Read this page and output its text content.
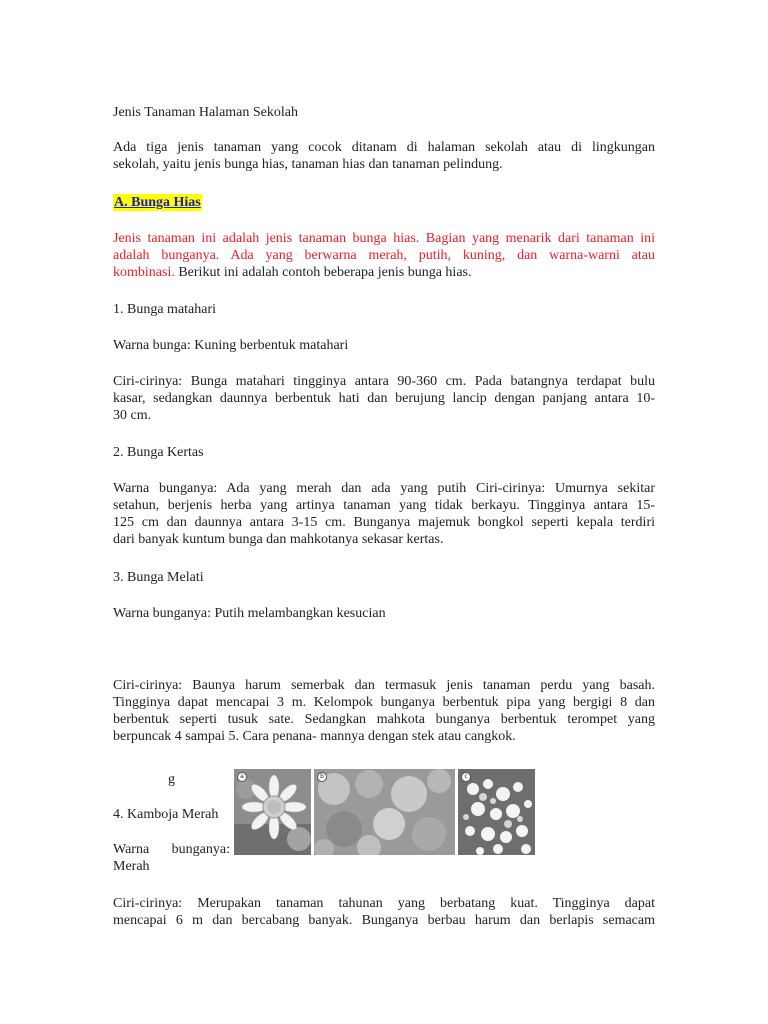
Jenis Tanaman Halaman Sekolah

Ada tiga jenis tanaman yang cocok ditanam di halaman sekolah atau di lingkungan

sekolah, yaitu jenis bunga hias, tanaman hias dan tanaman pelindung.

A. Bunga Hias

Jenis tanaman ini adalah jenis tanaman bunga hias. Bagian yang menarik dari tanaman ini

adalah bunganya. Ada yang berwarna merah, putih, kuning, dan warna-warni atau

kombinasi. Berikut ini adalah contoh beberapa jenis bunga hias.

1. Bunga matahari

Warna bunga: Kuning berbentuk matahari

Ciri-cirinya: Bunga matahari tingginya antara 90-360 cm. Pada batangnya terdapat bulu

kasar, sedangkan daunnya berbentuk hati dan berujung lancip dengan panjang antara 10-

30 cm.

2. Bunga Kertas

Warna bunganya: Ada yang merah dan ada yang putih Ciri-cirinya: Umurnya sekitar

setahun, berjenis herba yang artinya tanaman yang tidak berkayu. Tingginya antara 15-

125 cm dan daunnya antara 3-15 cm. Bunganya majemuk bongkol seperti kepala terdiri

dari banyak kuntum bunga dan mahkotanya sekasar kertas.

3. Bunga Melati

Warna bunganya: Putih melambangkan kesucian

Ciri-cirinya: Baunya harum semerbak dan termasuk jenis tanaman perdu yang basah.

Tingginya dapat mencapai 3 m. Kelompok bunganya berbentuk pipa yang bergigi 8 dan

berbentuk seperti tusuk sate. Sedangkan mahkota bunganya berbentuk terompet yang

berpuncak 4 sampai 5. Cara penana- mannya dengan stek atau cangkok.

g	a	b	c
4. Kamboja Merah
Warna bunganya:
Merah

Ciri-cirinya: Merupakan tanaman tahunan yang berbatang kuat. Tingginya dapat

mencapai 6 m dan bercabang banyak. Bunganya berbau harum dan berlapis semacam
